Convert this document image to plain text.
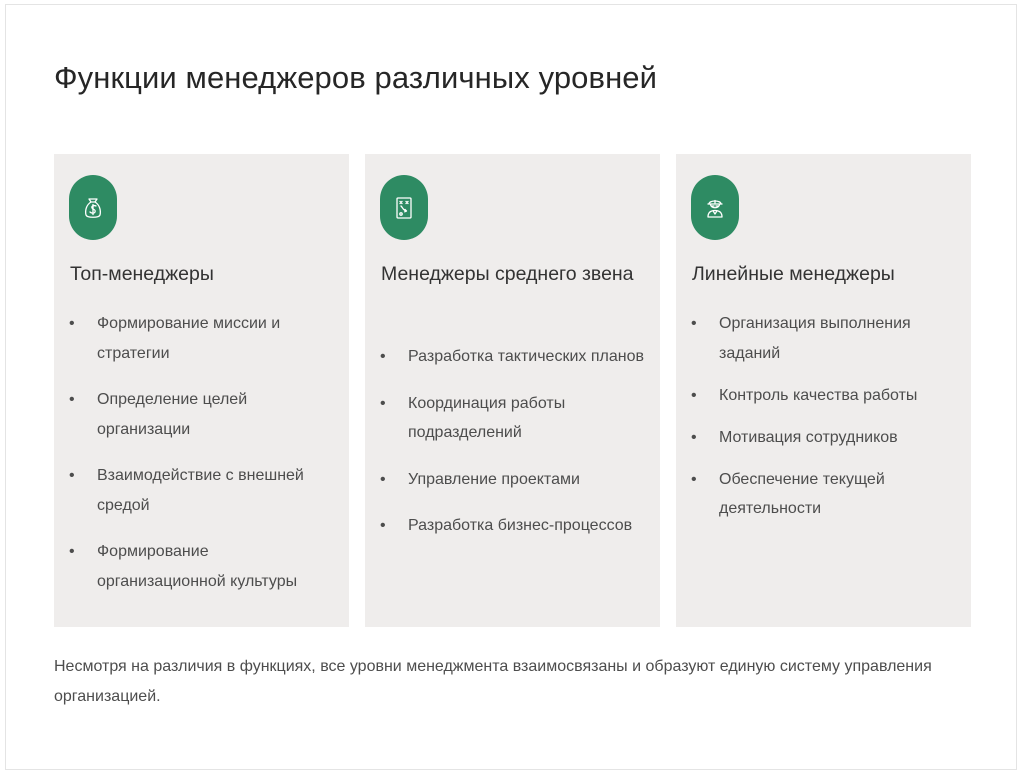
Функции менеджеров различных уровней
Топ-менеджеры
• Формирование миссии и стратегии
• Определение целей организации
• Взаимодействие с внешней средой
• Формирование организационной культуры
Менеджеры среднего звена
• Разработка тактических планов
• Координация работы подразделений
• Управление проектами
• Разработка бизнес-процессов
Линейные менеджеры
• Организация выполнения заданий
• Контроль качества работы
• Мотивация сотрудников
• Обеспечение текущей деятельности

Несмотря на различия в функциях, все уровни менеджмента взаимосвязаны и образуют единую систему управления организацией.
